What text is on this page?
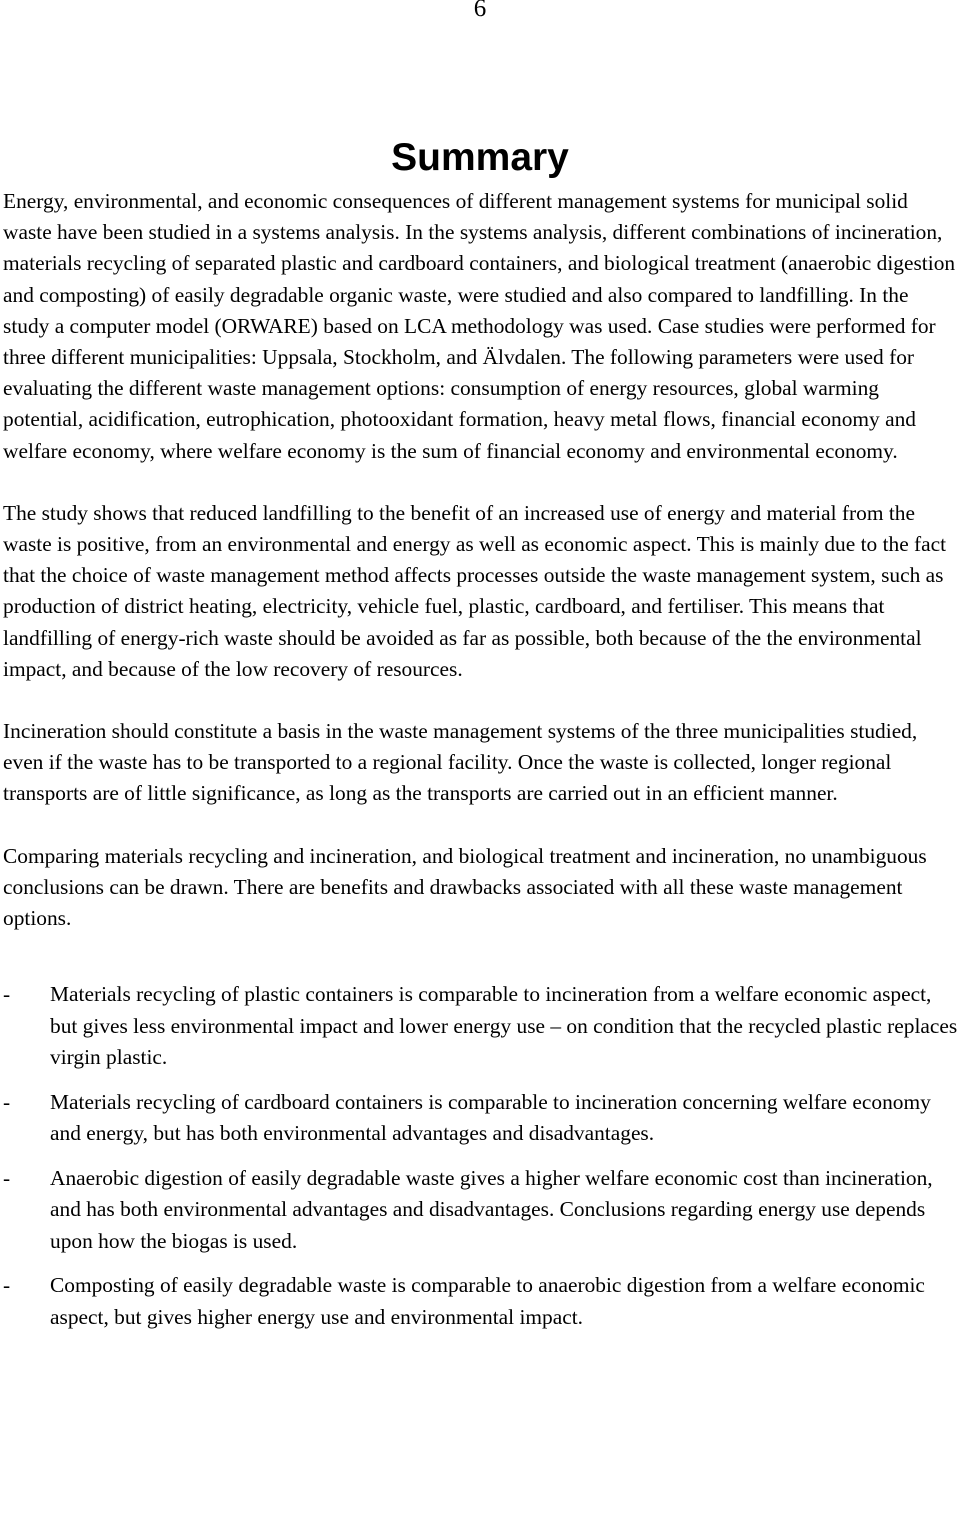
6
Summary

Energy, environmental, and economic consequences of different management systems for municipal solid waste have been studied in a systems analysis. In the systems analysis, different combinations of incineration, materials recycling of separated plastic and cardboard containers, and biological treatment (anaerobic digestion and composting) of easily degradable organic waste, were studied and also compared to landfilling. In the study a computer model (ORWARE) based on LCA methodology was used. Case studies were performed for three different municipalities: Uppsala, Stockholm, and Älvdalen. The following parameters were used for evaluating the different waste management options: consumption of energy resources, global warming potential, acidification, eutrophication, photooxidant formation, heavy metal flows, financial economy and welfare economy, where welfare economy is the sum of financial economy and environmental economy.

The study shows that reduced landfilling to the benefit of an increased use of energy and material from the waste is positive, from an environmental and energy as well as economic aspect. This is mainly due to the fact that the choice of waste management method affects processes outside the waste management system, such as production of district heating, electricity, vehicle fuel, plastic, cardboard, and fertiliser. This means that landfilling of energy-rich waste should be avoided as far as possible, both because of the the environmental impact, and because of the low recovery of resources.

Incineration should constitute a basis in the waste management systems of the three municipalities studied, even if the waste has to be transported to a regional facility. Once the waste is collected, longer regional transports are of little significance, as long as the transports are carried out in an efficient manner.

Comparing materials recycling and incineration, and biological treatment and incineration, no unambiguous conclusions can be drawn. There are benefits and drawbacks associated with all these waste management options.

- Materials recycling of plastic containers is comparable to incineration from a welfare economic aspect, but gives less environmental impact and lower energy use – on condition that the recycled plastic replaces virgin plastic.
- Materials recycling of cardboard containers is comparable to incineration concerning welfare economy and energy, but has both environmental advantages and disadvantages.
- Anaerobic digestion of easily degradable waste gives a higher welfare economic cost than incineration, and has both environmental advantages and disadvantages. Conclusions regarding energy use depends upon how the biogas is used.
- Composting of easily degradable waste is comparable to anaerobic digestion from a welfare economic aspect, but gives higher energy use and environmental impact.
